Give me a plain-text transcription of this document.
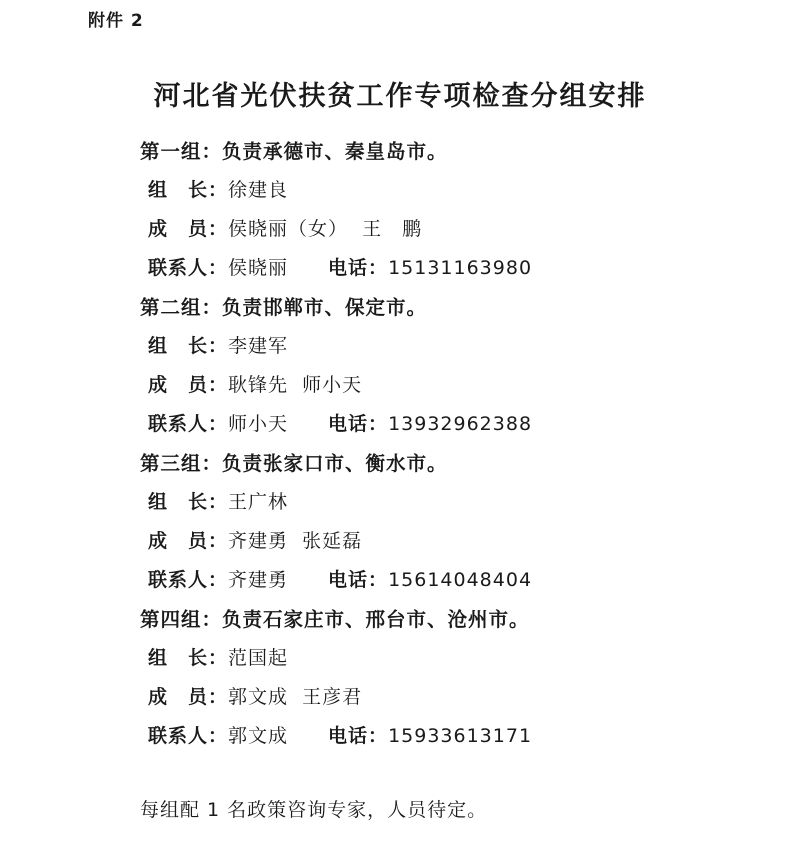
附件 2
河北省光伏扶贫工作专项检查分组安排
第一组：负责承德市、秦皇岛市。
组　长：徐建良
成　员：侯晓丽（女）  王　鹏
联系人：侯晓丽　　 电话：15131163980
第二组：负责邯郸市、保定市。
组　长：李建军
成　员：耿锋先  师小天
联系人：师小天　　 电话：13932962388
第三组：负责张家口市、衡水市。
组　长：王广林
成　员：齐建勇  张延磊
联系人：齐建勇　　 电话：15614048404
第四组：负责石家庄市、邢台市、沧州市。
组　长：范国起
成　员：郭文成  王彦君
联系人：郭文成　　 电话：15933613171
每组配 1 名政策咨询专家，人员待定。
